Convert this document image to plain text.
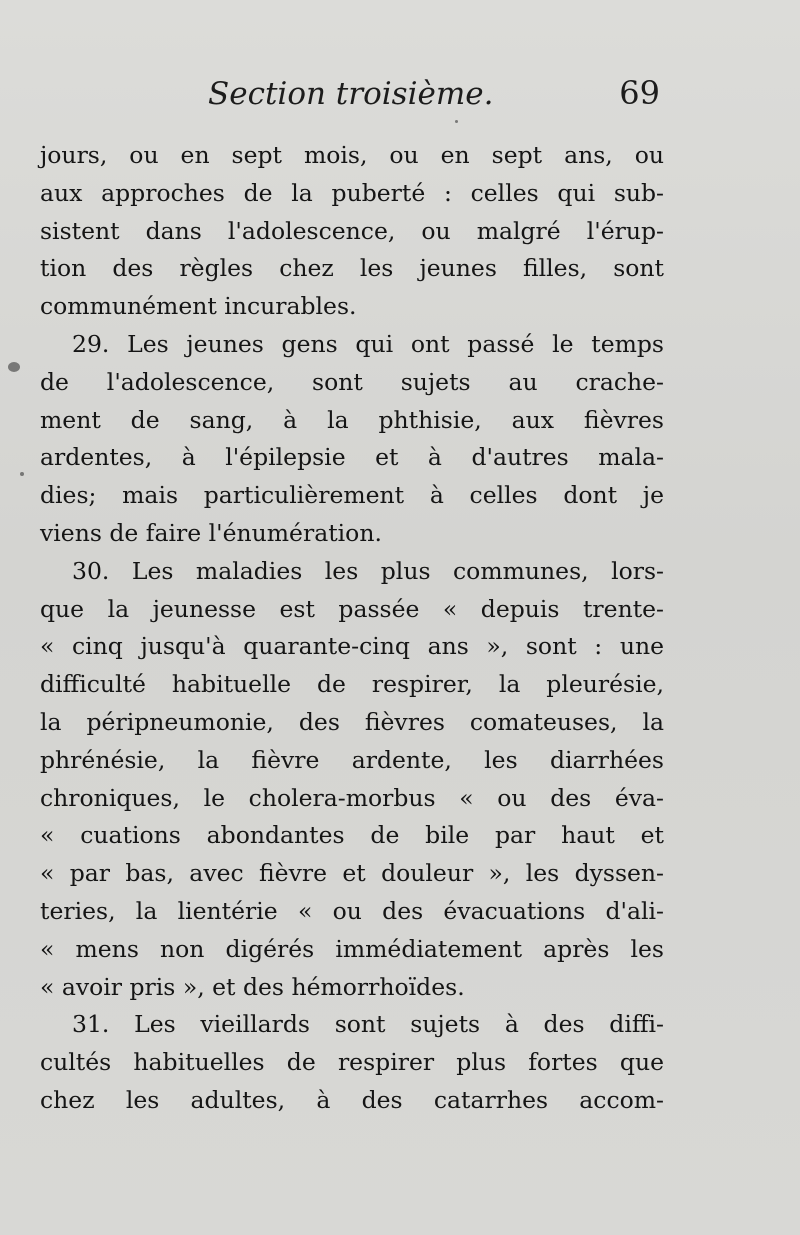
Section troisième.	69
jours, ou en sept mois, ou en sept ans, ou
aux approches de la puberté : celles qui sub-
sistent dans l'adolescence, ou malgré l'érup-
tion des règles chez les jeunes filles, sont
communément incurables.
29. Les jeunes gens qui ont passé le temps
de l'adolescence, sont sujets au crache-
ment de sang, à la phthisie, aux fièvres
ardentes, à l'épilepsie et à d'autres mala-
dies; mais particulièrement à celles dont je
viens de faire l'énumération.
30. Les maladies les plus communes, lors-
que la jeunesse est passée « depuis trente-
« cinq jusqu'à quarante-cinq ans », sont : une
difficulté habituelle de respirer, la pleurésie,
la péripneumonie, des fièvres comateuses, la
phrénésie, la fièvre ardente, les diarrhées
chroniques, le cholera-morbus « ou des éva-
« cuations abondantes de bile par haut et
« par bas, avec fièvre et douleur », les dyssen-
teries, la lientérie « ou des évacuations d'ali-
« mens non digérés immédiatement après les
« avoir pris », et des hémorrhoïdes.
31. Les vieillards sont sujets à des diffi-
cultés habituelles de respirer plus fortes que
chez les adultes, à des catarrhes accom-
